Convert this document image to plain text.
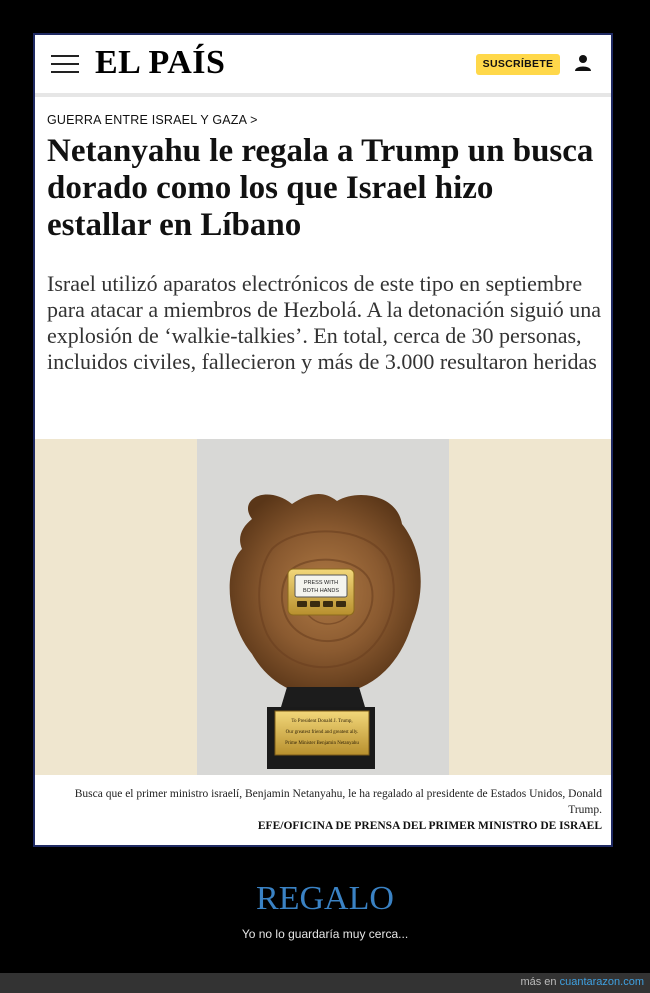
EL PAÍS	SUSCRÍBETE
GUERRA ENTRE ISRAEL Y GAZA >
Netanyahu le regala a Trump un busca dorado como los que Israel hizo estallar en Líbano

Israel utilizó aparatos electrónicos de este tipo en septiembre para atacar a miembros de Hezbolá. A la detonación siguió una explosión de ‘walkie-talkies’. En total, cerca de 30 personas, incluidos civiles, fallecieron y más de 3.000 resultaron heridas

PRESS WITH
BOTH HANDS
To President Donald J. Trump,
Our greatest friend and greatest ally.
Prime Minister Benjamin Netanyahu
Busca que el primer ministro israelí, Benjamin Netanyahu, le ha regalado al presidente de Estados Unidos, Donald Trump.
EFE/OFICINA DE PRENSA DEL PRIMER MINISTRO DE ISRAEL
REGALO
Yo no lo guardaría muy cerca...
más en cuantarazon.com
